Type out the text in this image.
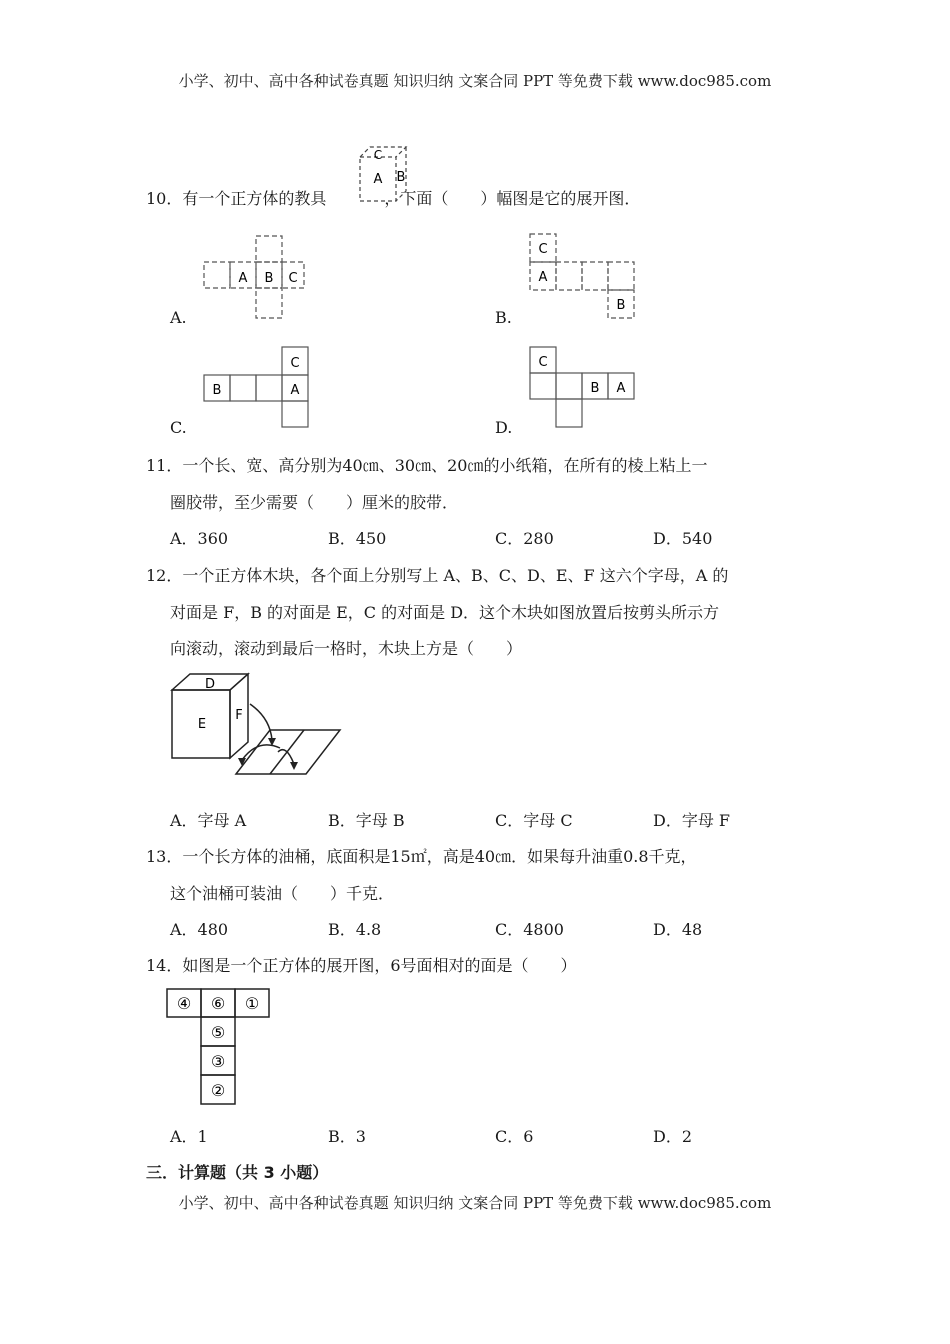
小学、初中、高中各种试卷真题 知识归纳 文案合同 PPT 等免费下载 www.doc985.com
10．有一个正方体的教具	，下面（　　）幅图是它的展开图．
C
A B
A B C
A.
C
A
B
B.
C
B	A
C.
C
B A
D.
11．一个长、宽、高分别为40㎝、30㎝、20㎝的小纸箱，在所有的棱上粘上一
圈胶带，至少需要（　　）厘米的胶带．
A．360	B．450	C．280	D．540
12．一个正方体木块，各个面上分别写上 A、B、C、D、E、F 这六个字母，A 的
对面是 F，B 的对面是 E，C 的对面是 D．这个木块如图放置后按剪头所示方
向滚动，滚动到最后一格时，木块上方是（　　）
D
E
F
A．字母 A	B．字母 B	C．字母 C	D．字母 F
13．一个长方体的油桶，底面积是15㎡，高是40㎝．如果每升油重0.8千克，
这个油桶可装油（　　）千克．
A．480	B．4.8	C．4800	D．48
14．如图是一个正方体的展开图，6号面相对的面是（　　）
④ ⑥ ①
⑤
③
②
A．1	B．3	C．6	D．2
三．计算题（共 3 小题）
小学、初中、高中各种试卷真题 知识归纳 文案合同 PPT 等免费下载 www.doc985.com
